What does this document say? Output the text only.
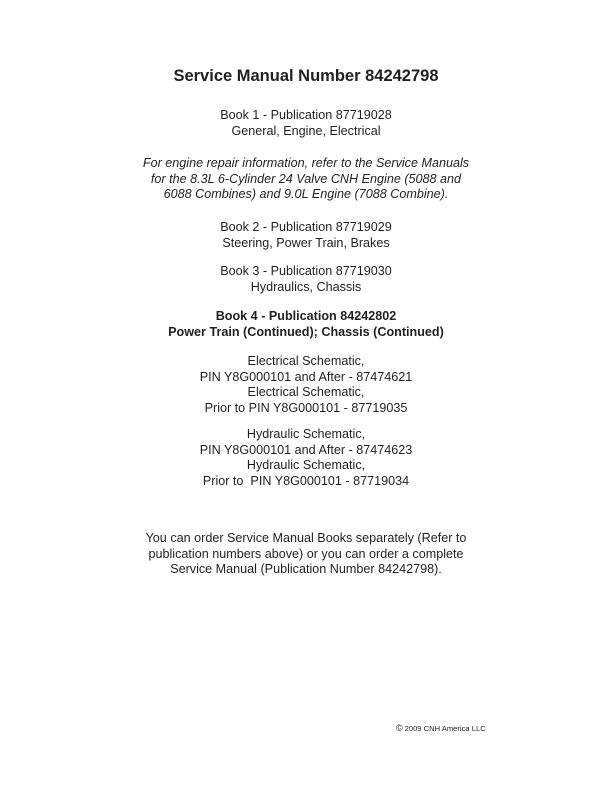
Service Manual Number 84242798
Book 1 - Publication 87719028
General, Engine, Electrical
For engine repair information, refer to the Service Manuals
for the 8.3L 6-Cylinder 24 Valve CNH Engine (5088 and
6088 Combines) and 9.0L Engine (7088 Combine).
Book 2 - Publication 87719029
Steering, Power Train, Brakes
Book 3 - Publication 87719030
Hydraulics, Chassis
Book 4 - Publication 84242802
Power Train (Continued); Chassis (Continued)
Electrical Schematic,
PIN Y8G000101 and After - 87474621
Electrical Schematic,
Prior to PIN Y8G000101 - 87719035
Hydraulic Schematic,
PIN Y8G000101 and After - 87474623
Hydraulic Schematic,
Prior to  PIN Y8G000101 - 87719034
You can order Service Manual Books separately (Refer to
publication numbers above) or you can order a complete
Service Manual (Publication Number 84242798).
© 2009 CNH America LLC
